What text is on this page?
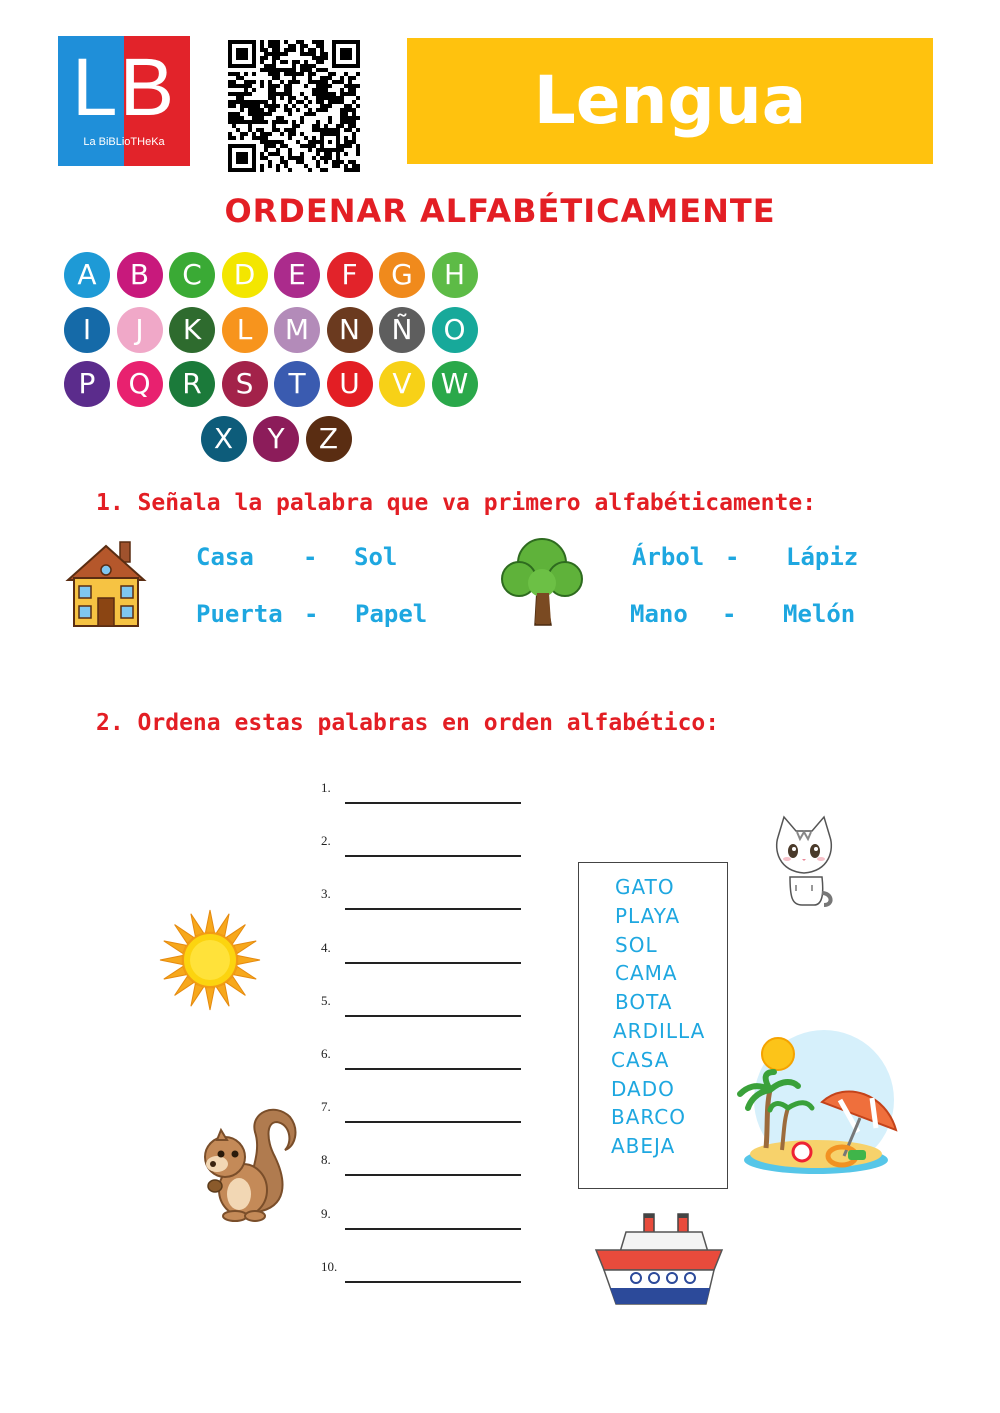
LB
La BiBLioTHeKa
Lengua
ORDENAR ALFABÉTICAMENTE
A	B	C	D	E	F	G	H
I	J	K	L	M	N	Ñ	O
P	Q	R	S	T	U	V	W
X	Y	Z
1. Señala la palabra que va primero alfabéticamente:
Casa - Sol
Puerta - Papel
Árbol - Lápiz
Mano - Melón
2. Ordena estas palabras en orden alfabético:
1.
2.
3.
4.
5.
6.
7.
8.
9.
10.
GATO
PLAYA
SOL
CAMA
BOTA
ARDILLA
CASA
DADO
BARCO
ABEJA
